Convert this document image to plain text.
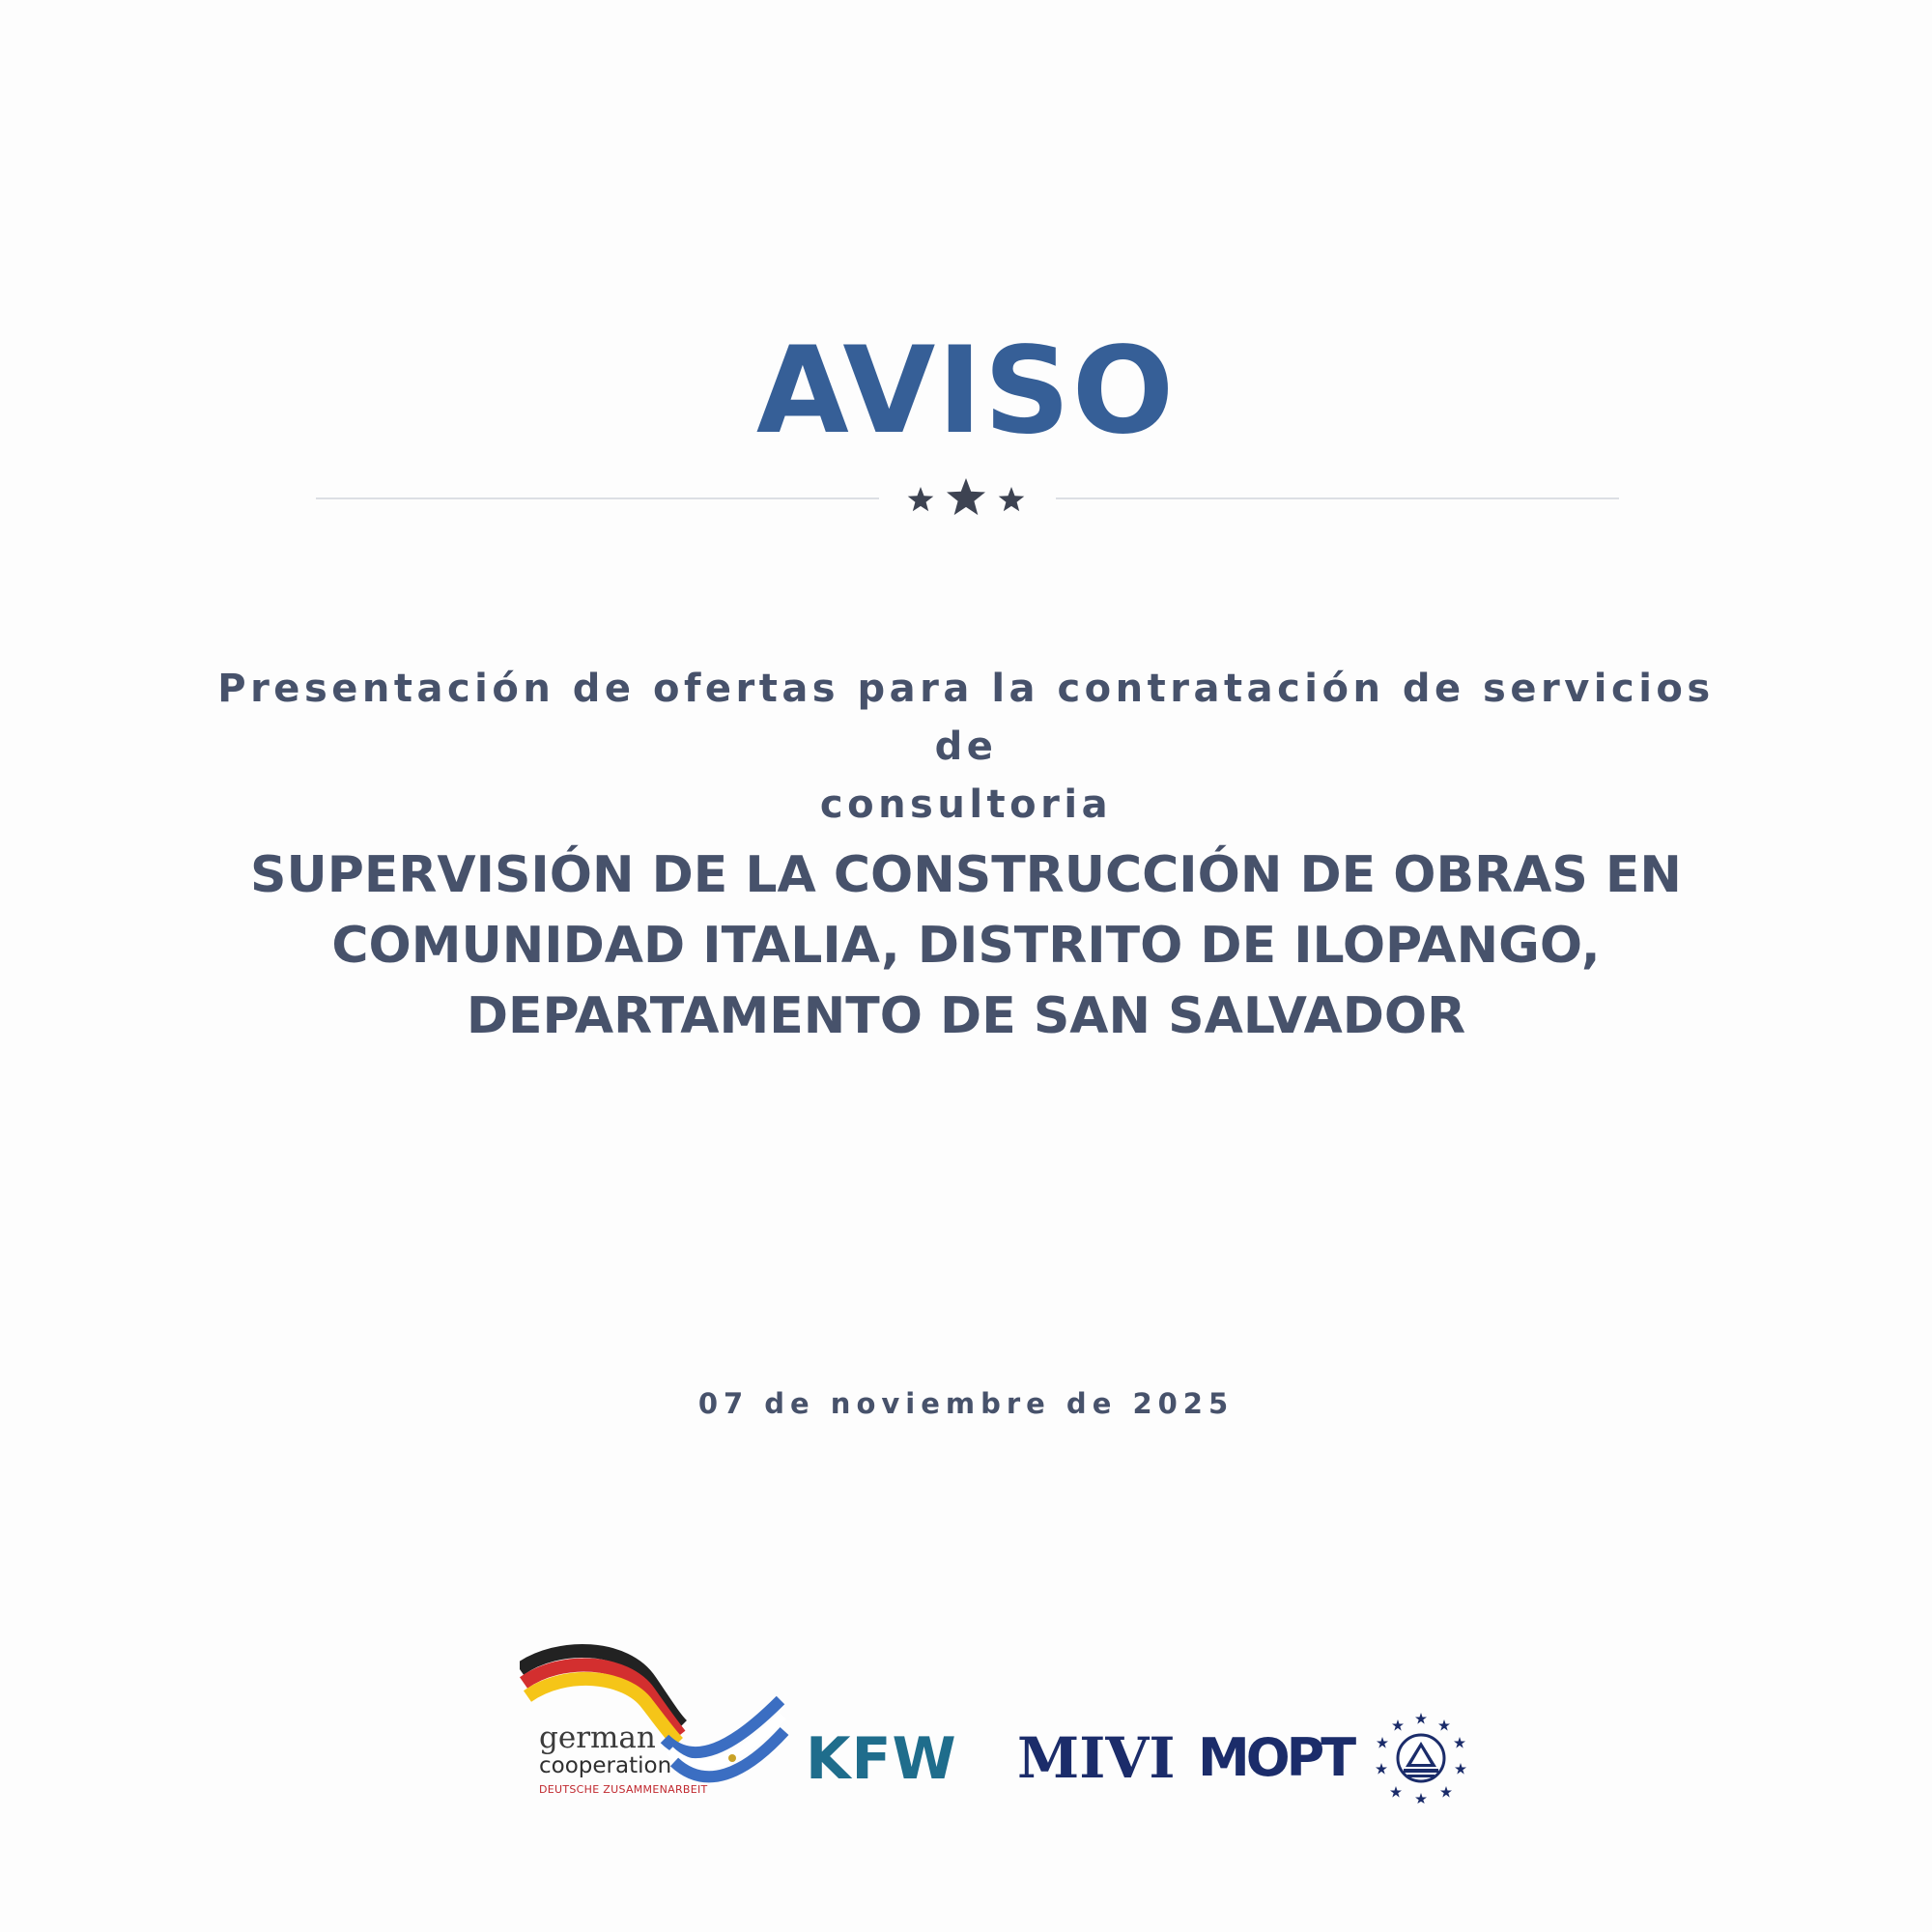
AVISO
Presentación de ofertas para la contratación de servicios de
consultoria
SUPERVISIÓN DE LA CONSTRUCCIÓN DE OBRAS EN
COMUNIDAD ITALIA, DISTRITO DE ILOPANGO,
DEPARTAMENTO DE SAN SALVADOR
07 de noviembre de 2025
german
cooperation
DEUTSCHE ZUSAMMENARBEIT KFW MIVI MOPT
